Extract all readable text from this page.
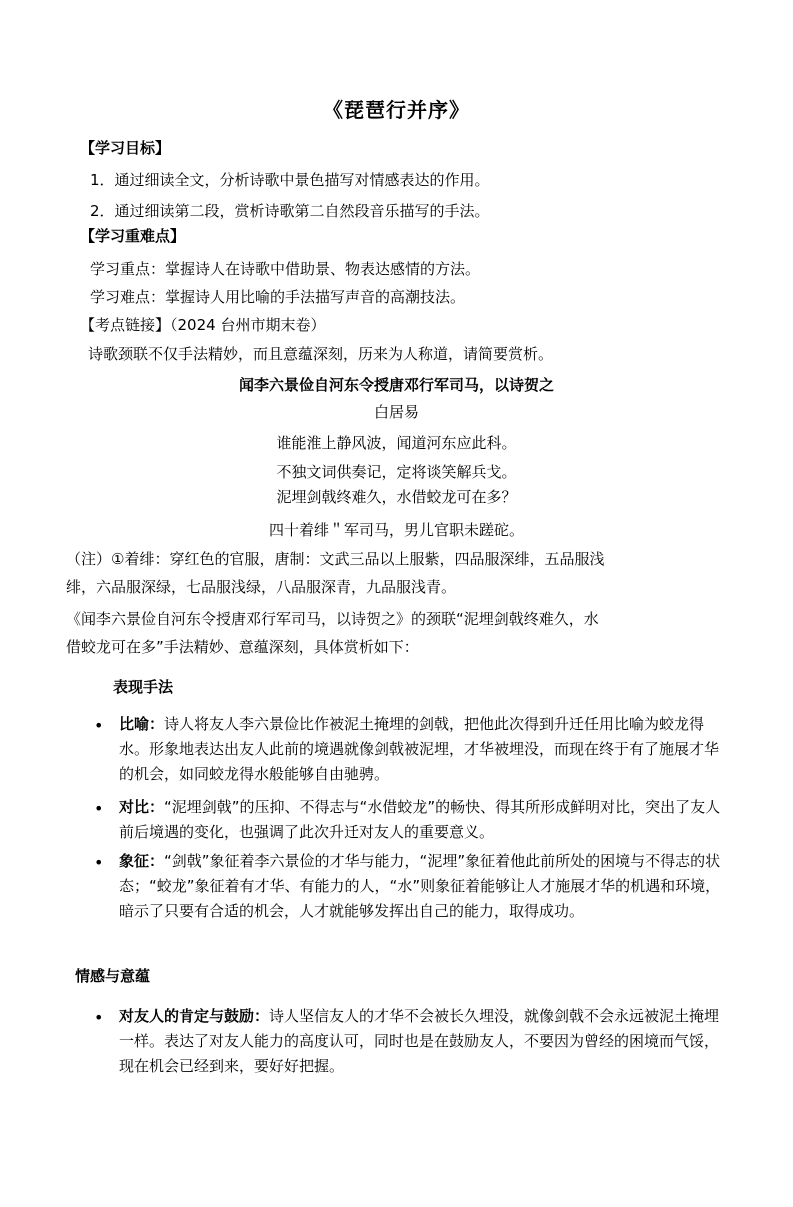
《琵琶行并序》
【学习目标】
1．通过细读全文，分析诗歌中景色描写对情感表达的作用。
2．通过细读第二段，赏析诗歌第二自然段音乐描写的手法。
【学习重难点】
学习重点：掌握诗人在诗歌中借助景、物表达感情的方法。
学习难点：掌握诗人用比喻的手法描写声音的高潮技法。
【考点链接】（2024 台州市期末卷）
诗歌颈联不仅手法精妙，而且意蕴深刻，历来为人称道，请简要赏析。
闻李六景俭自河东令授唐邓行军司马，以诗贺之
白居易
谁能淮上静风波，闻道河东应此科。
不独文词供奏记，定将谈笑解兵戈。
泥埋剑戟终难久，水借蛟龙可在多？
四十着绯＂军司马，男儿官职未蹉砣。
（注）①着绯：穿红色的官服，唐制：文武三品以上服紫，四品服深绯，五品服浅
绯，六品服深绿，七品服浅绿，八品服深青，九品服浅青。
《闻李六景俭自河东令授唐邓行军司马，以诗贺之》的颈联“泥埋剑戟终难久，水
借蛟龙可在多”手法精妙、意蕴深刻，具体赏析如下：
表现手法
•
比喻：诗人将友人李六景俭比作被泥土掩埋的剑戟，把他此次得到升迁任用比喻为蛟龙得水。形象地表达出友人此前的境遇就像剑戟被泥埋，才华被埋没，而现在终于有了施展才华的机会，如同蛟龙得水般能够自由驰骋。
•
对比：“泥埋剑戟”的压抑、不得志与“水借蛟龙”的畅快、得其所形成鲜明对比，突出了友人前后境遇的变化，也强调了此次升迁对友人的重要意义。
•
象征：“剑戟”象征着李六景俭的才华与能力，“泥埋”象征着他此前所处的困境与不得志的状态；“蛟龙”象征着有才华、有能力的人，“水”则象征着能够让人才施展才华的机遇和环境，暗示了只要有合适的机会，人才就能够发挥出自己的能力，取得成功。
情感与意蕴
•
对友人的肯定与鼓励：诗人坚信友人的才华不会被长久埋没，就像剑戟不会永远被泥土掩埋一样。表达了对友人能力的高度认可，同时也是在鼓励友人，不要因为曾经的困境而气馁，现在机会已经到来，要好好把握。
